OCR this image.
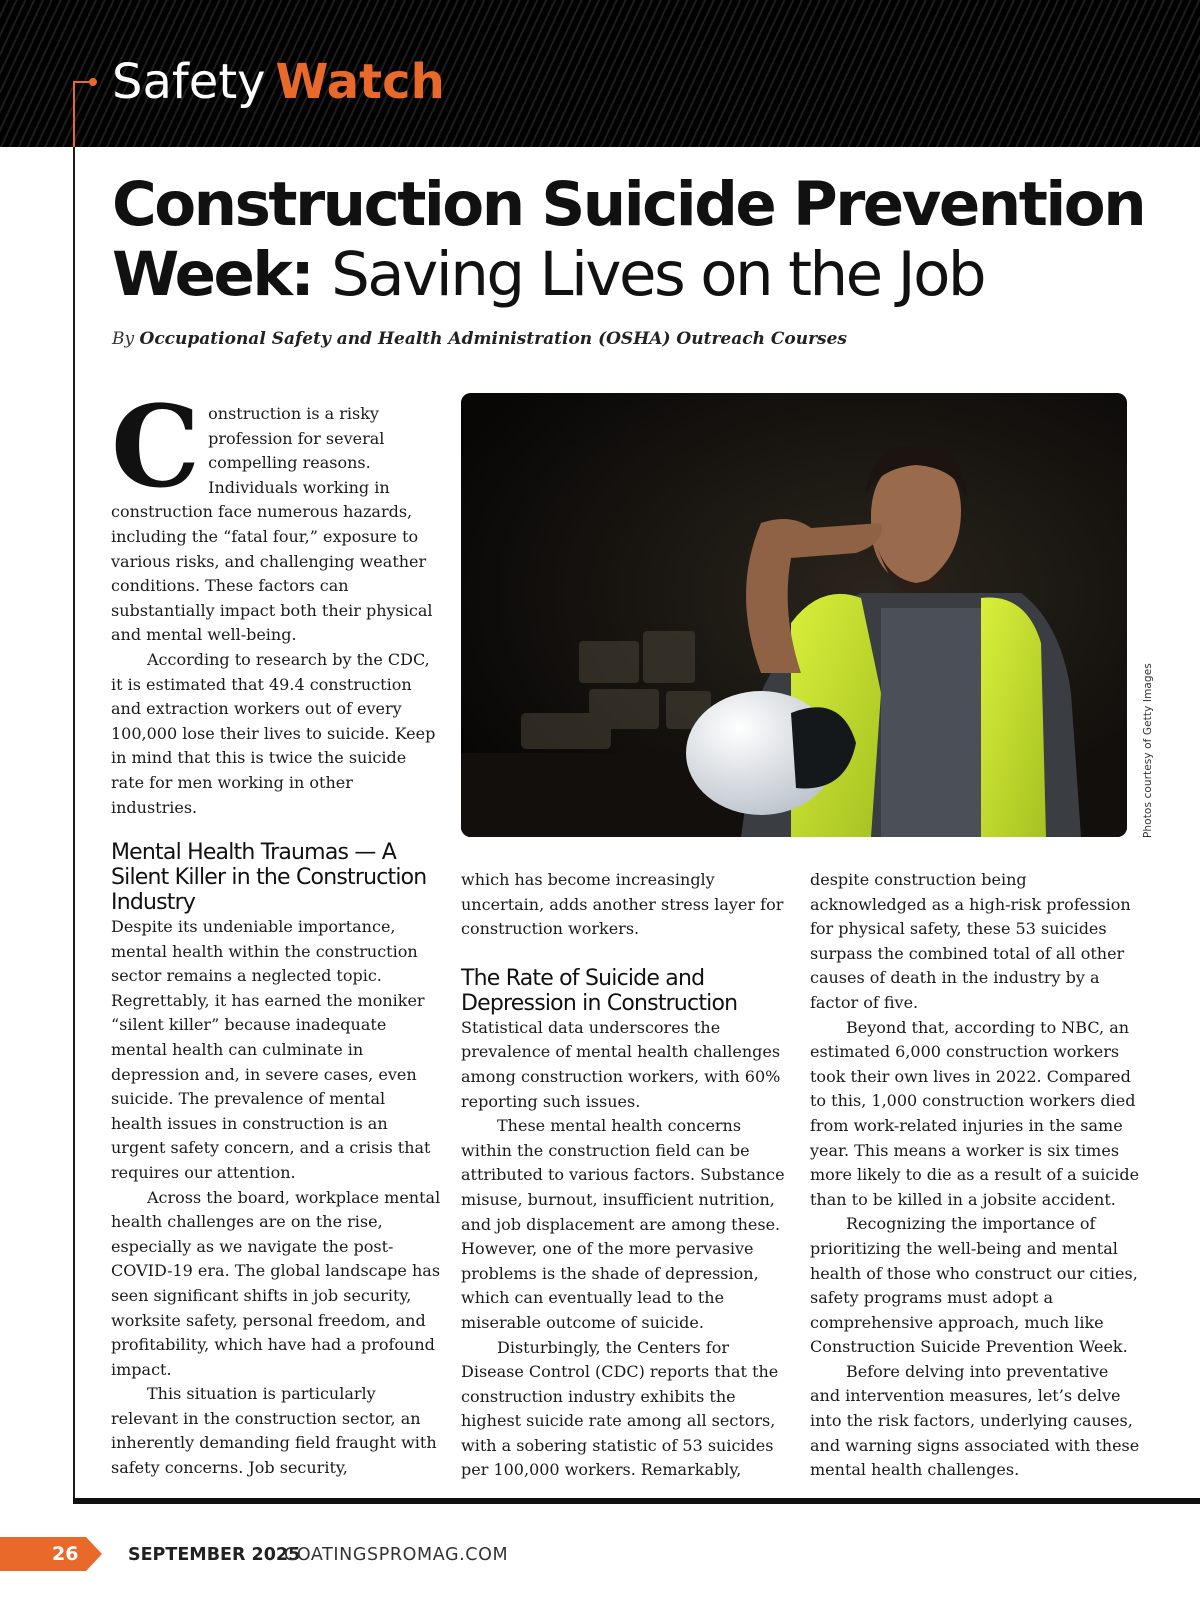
Safety Watch
Construction Suicide Prevention Week: Saving Lives on the Job

By Occupational Safety and Health Administration (OSHA) Outreach Courses

Photos courtesy of Getty Images

Construction is a risky profession for several compelling reasons. Individuals working in construction face numerous hazards, including the “fatal four,” exposure to various risks, and challenging weather conditions. These factors can substantially impact both their physical and mental well-being.

According to research by the CDC, it is estimated that 49.4 construction and extraction workers out of every 100,000 lose their lives to suicide. Keep in mind that this is twice the suicide rate for men working in other industries.

Mental Health Traumas — A Silent Killer in the Construction Industry

Despite its undeniable importance, mental health within the construction sector remains a neglected topic. Regrettably, it has earned the moniker “silent killer” because inadequate mental health can culminate in depression and, in severe cases, even suicide. The prevalence of mental health issues in construction is an urgent safety concern, and a crisis that requires our attention.

Across the board, workplace mental health challenges are on the rise, especially as we navigate the post-COVID-19 era. The global landscape has seen significant shifts in job security, worksite safety, personal freedom, and profitability, which have had a profound impact.

This situation is particularly relevant in the construction sector, an inherently demanding field fraught with safety concerns. Job security,

which has become increasingly uncertain, adds another stress layer for construction workers.

The Rate of Suicide and Depression in Construction

Statistical data underscores the prevalence of mental health challenges among construction workers, with 60% reporting such issues.

These mental health concerns within the construction field can be attributed to various factors. Substance misuse, burnout, insufficient nutrition, and job displacement are among these. However, one of the more pervasive problems is the shade of depression, which can eventually lead to the miserable outcome of suicide.

Disturbingly, the Centers for Disease Control (CDC) reports that the construction industry exhibits the highest suicide rate among all sectors, with a sobering statistic of 53 suicides per 100,000 workers. Remarkably,

despite construction being acknowledged as a high-risk profession for physical safety, these 53 suicides surpass the combined total of all other causes of death in the industry by a factor of five.

Beyond that, according to NBC, an estimated 6,000 construction workers took their own lives in 2022. Compared to this, 1,000 construction workers died from work-related injuries in the same year. This means a worker is six times more likely to die as a result of a suicide than to be killed in a jobsite accident.

Recognizing the importance of prioritizing the well-being and mental health of those who construct our cities, safety programs must adopt a comprehensive approach, much like Construction Suicide Prevention Week.

Before delving into preventative and intervention measures, let’s delve into the risk factors, underlying causes, and warning signs associated with these mental health challenges.

26	SEPTEMBER 2025
COATINGSPROMAG.COM
